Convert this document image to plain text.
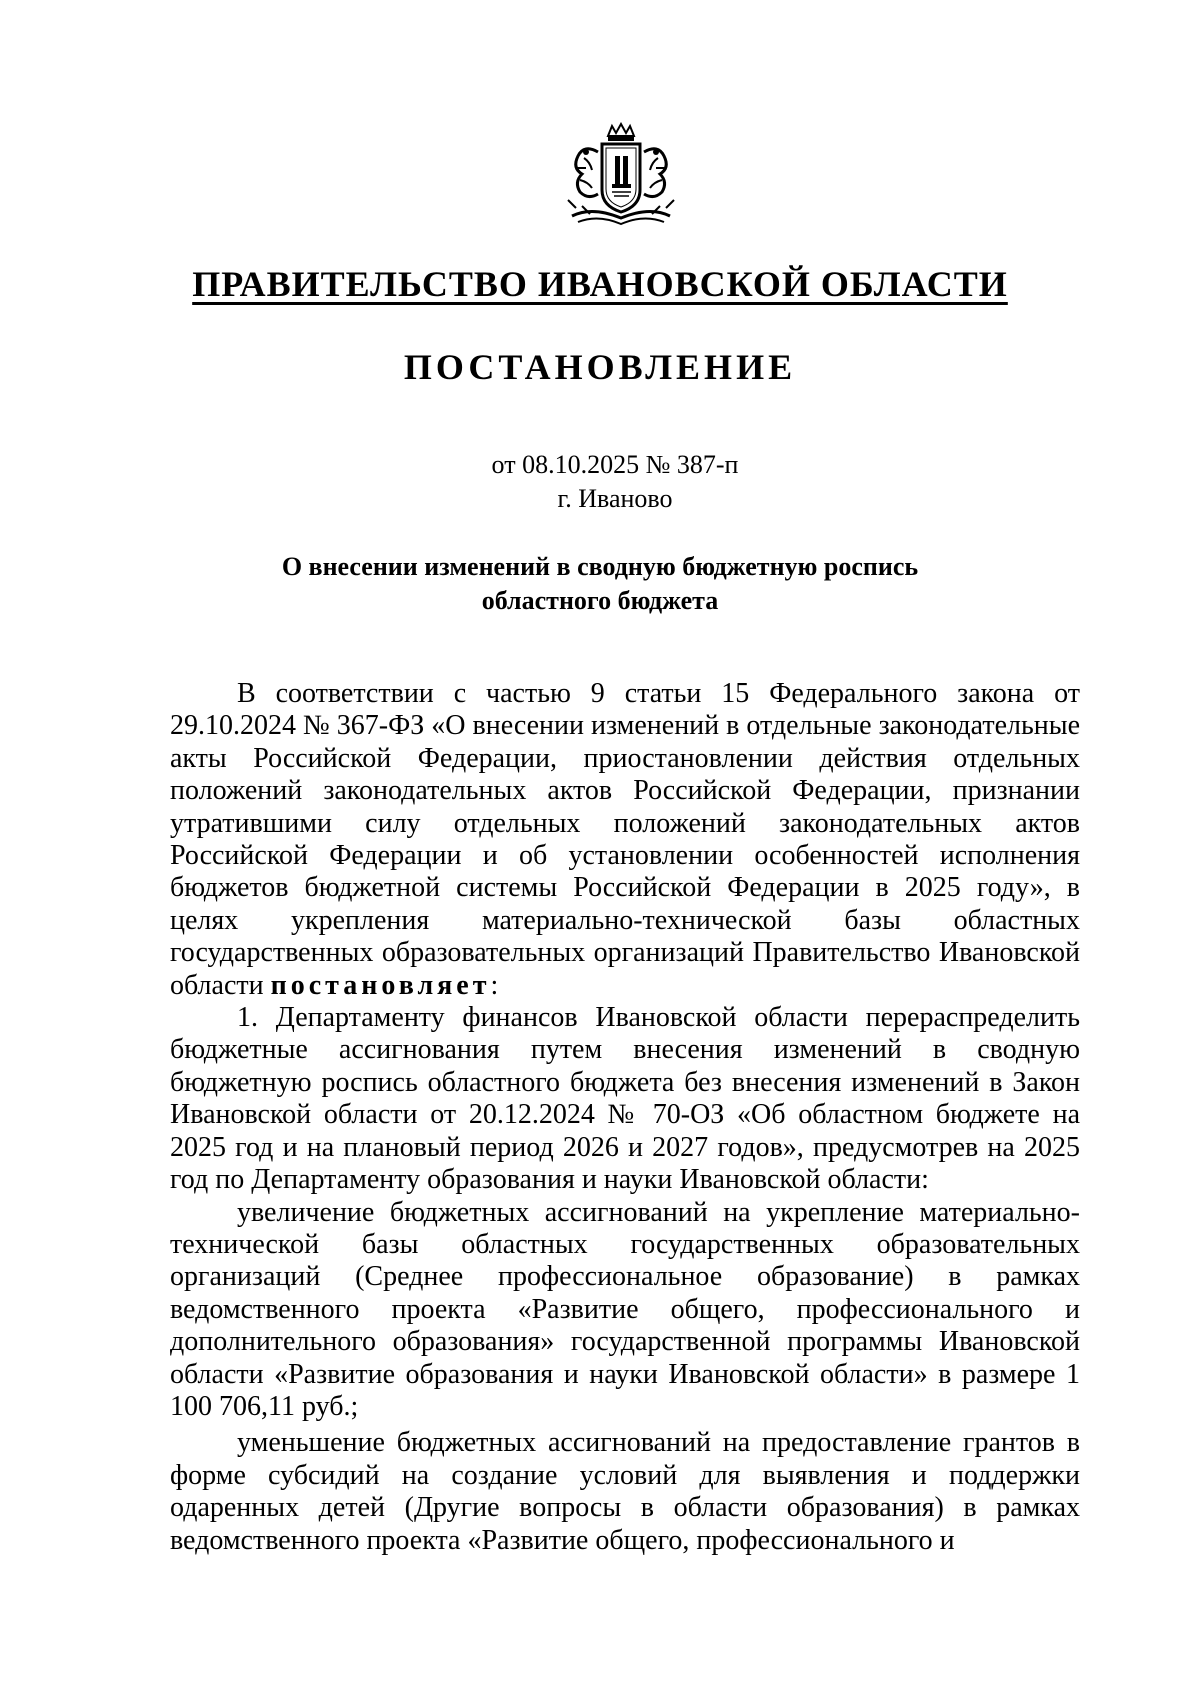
ПРАВИТЕЛЬСТВО ИВАНОВСКОЙ ОБЛАСТИ
ПОСТАНОВЛЕНИЕ
от 08.10.2025 № 387-п
г. Иваново
О внесении изменений в сводную бюджетную роспись
областного бюджета

В соответствии с частью 9 статьи 15 Федерального закона от 29.10.2024 № 367-ФЗ «О внесении изменений в отдельные законодательные акты Российской Федерации, приостановлении действия отдельных положений законодательных актов Российской Федерации, признании утратившими силу отдельных положений законодательных актов Российской Федерации и об установлении особенностей исполнения бюджетов бюджетной системы Российской Федерации в 2025 году», в целях укрепления материально-технической базы областных государственных образовательных организаций Правительство Ивановской области постановляет:

1. Департаменту финансов Ивановской области перераспределить бюджетные ассигнования путем внесения изменений в сводную бюджетную роспись областного бюджета без внесения изменений в Закон Ивановской области от 20.12.2024 № 70-ОЗ «Об областном бюджете на 2025 год и на плановый период 2026 и 2027 годов», предусмотрев на 2025 год по Департаменту образования и науки Ивановской области:

увеличение бюджетных ассигнований на укрепление материально-технической базы областных государственных образовательных организаций (Среднее профессиональное образование) в рамках ведомственного проекта «Развитие общего, профессионального и дополнительного образования» государственной программы Ивановской области «Развитие образования и науки Ивановской области» в размере 1 100 706,11 руб.;

уменьшение бюджетных ассигнований на предоставление грантов в форме субсидий на создание условий для выявления и поддержки одаренных детей (Другие вопросы в области образования) в рамках ведомственного проекта «Развитие общего, профессионального и
